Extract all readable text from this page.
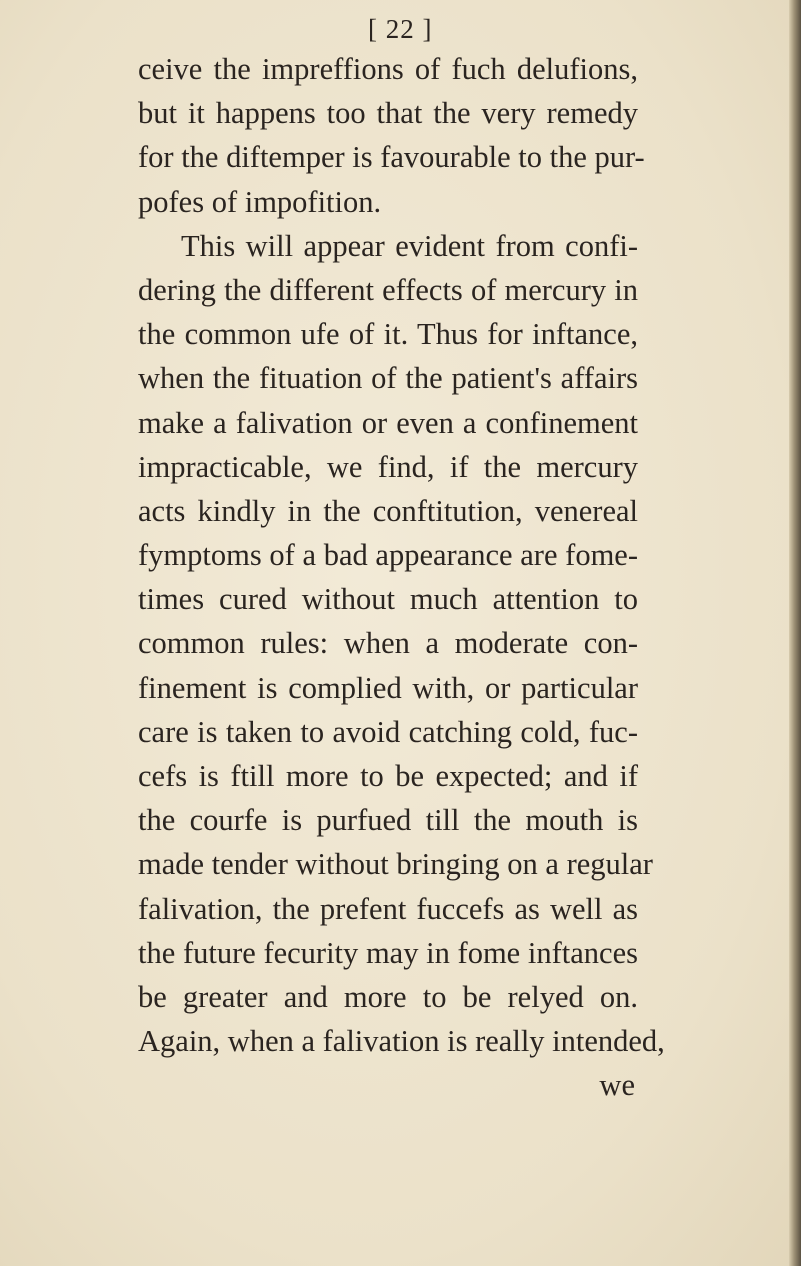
[ 22 ]
ceive the impreffions of fuch delufions,
but it happens too that the very remedy
for the diftemper is favourable to the pur-
pofes of impofition.
This will appear evident from confi-
dering the different effects of mercury in
the common ufe of it. Thus for inftance,
when the fituation of the patient's affairs
make a falivation or even a confinement
impracticable, we find, if the mercury
acts kindly in the conftitution, venereal
fymptoms of a bad appearance are fome-
times cured without much attention to
common rules: when a moderate con-
finement is complied with, or particular
care is taken to avoid catching cold, fuc-
cefs is ftill more to be expected; and if
the courfe is purfued till the mouth is
made tender without bringing on a regular
falivation, the prefent fuccefs as well as
the future fecurity may in fome inftances
be greater and more to be relyed on.
Again, when a falivation is really intended,
we
